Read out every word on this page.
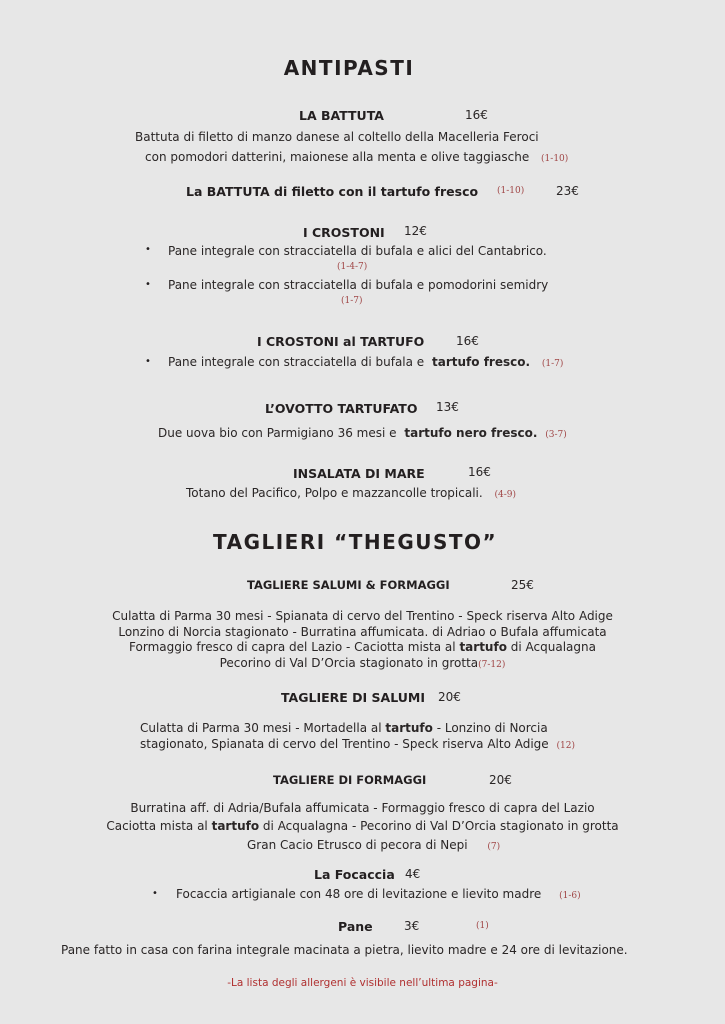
ANTIPASTI
LA BATTUTA	16€
Battuta di filetto di manzo danese al coltello della Macelleria Feroci
con pomodori datterini, maionese alla menta e olive taggiasche (1-10)
La BATTUTA di filetto con il tartufo fresco (1-10)	23€
I CROSTONI 12€
• Pane integrale con stracciatella di bufala e alici del Cantabrico.
(1-4-7)
• Pane integrale con stracciatella di bufala e pomodorini semidry
(1-7)
I CROSTONI al TARTUFO	16€
• Pane integrale con stracciatella di bufala e tartufo fresco. (1-7)
L’OVOTTO TARTUFATO 13€
Due uova bio con Parmigiano 36 mesi e tartufo nero fresco. (3-7)
INSALATA DI MARE	16€
Totano del Pacifico, Polpo e mazzancolle tropicali. (4-9)
TAGLIERI “THEGUSTO”
TAGLIERE SALUMI & FORMAGGI	25€
Culatta di Parma 30 mesi - Spianata di cervo del Trentino - Speck riserva Alto Adige
Lonzino di Norcia stagionato - Burratina affumicata. di Adriao o Bufala affumicata
Formaggio fresco di capra del Lazio - Caciotta mista al tartufo di Acqualagna
Pecorino di Val D’Orcia stagionato in grotta(7-12)
TAGLIERE DI SALUMI 20€
Culatta di Parma 30 mesi - Mortadella al tartufo - Lonzino di Norcia
stagionato, Spianata di cervo del Trentino - Speck riserva Alto Adige (12)
TAGLIERE DI FORMAGGI	20€
Burratina aff. di Adria/Bufala affumicata - Formaggio fresco di capra del Lazio
Caciotta mista al tartufo di Acqualagna - Pecorino di Val D’Orcia stagionato in grotta
Gran Cacio Etrusco di pecora di Nepi (7)
La Focaccia 4€
• Focaccia artigianale con 48 ore di levitazione e lievito madre (1-6)
Pane	3€	(1)
Pane fatto in casa con farina integrale macinata a pietra, lievito madre e 24 ore di levitazione.
-La lista degli allergeni è visibile nell’ultima pagina-
